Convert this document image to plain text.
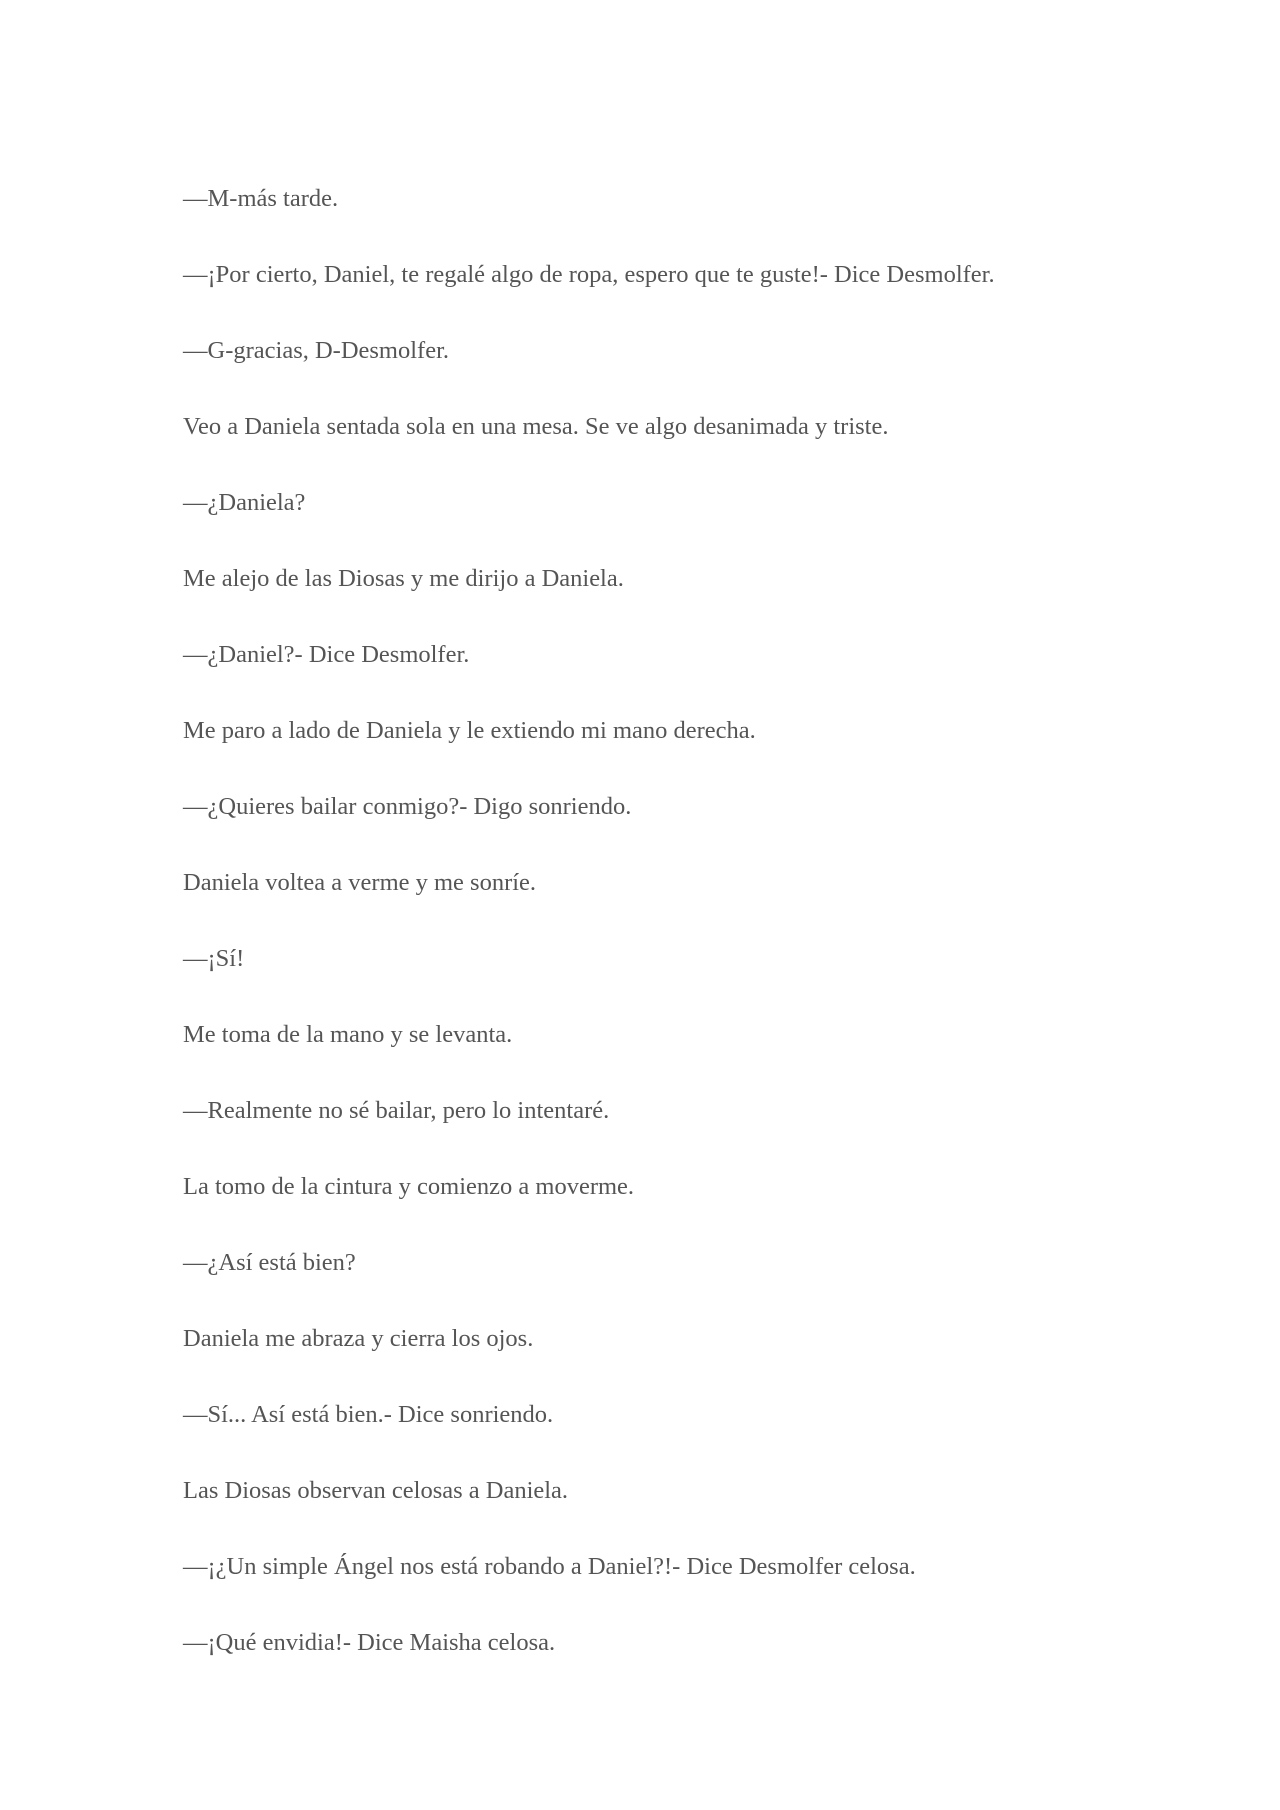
—M-más tarde.

—¡Por cierto, Daniel, te regalé algo de ropa, espero que te guste!- Dice Desmolfer.

—G-gracias, D-Desmolfer.

Veo a Daniela sentada sola en una mesa. Se ve algo desanimada y triste.

—¿Daniela?

Me alejo de las Diosas y me dirijo a Daniela.

—¿Daniel?- Dice Desmolfer.

Me paro a lado de Daniela y le extiendo mi mano derecha.

—¿Quieres bailar conmigo?- Digo sonriendo.

Daniela voltea a verme y me sonríe.

—¡Sí!

Me toma de la mano y se levanta.

—Realmente no sé bailar, pero lo intentaré.

La tomo de la cintura y comienzo a moverme.

—¿Así está bien?

Daniela me abraza y cierra los ojos.

—Sí... Así está bien.- Dice sonriendo.

Las Diosas observan celosas a Daniela.

—¡¿Un simple Ángel nos está robando a Daniel?!- Dice Desmolfer celosa.

—¡Qué envidia!- Dice Maisha celosa.
